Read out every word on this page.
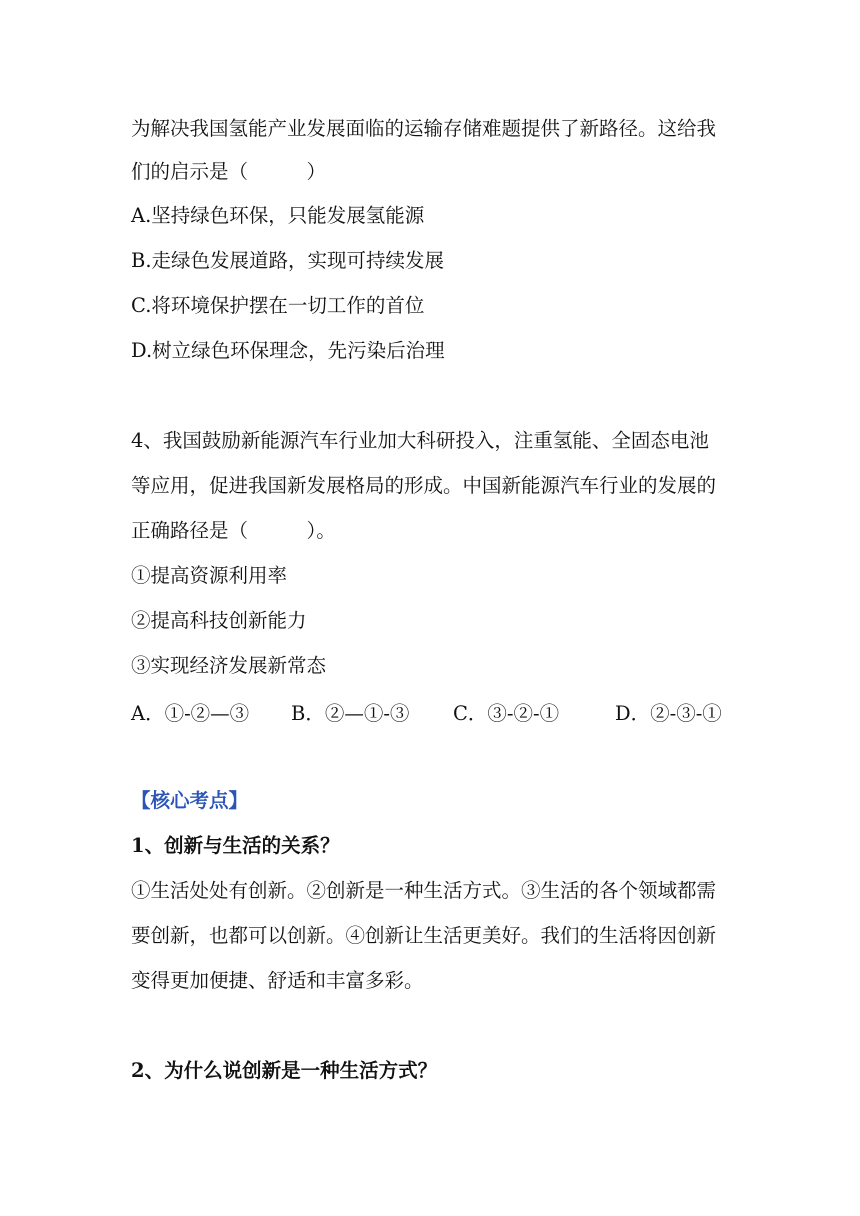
为解决我国氢能产业发展面临的运输存储难题提供了新路径。这给我
们的启示是（　　　）
A.坚持绿色环保，只能发展氢能源
B.走绿色发展道路，实现可持续发展
C.将环境保护摆在一切工作的首位
D.树立绿色环保理念，先污染后治理
4、我国鼓励新能源汽车行业加大科研投入，注重氢能、全固态电池
等应用，促进我国新发展格局的形成。中国新能源汽车行业的发展的
正确路径是（　　　）。
①提高资源利用率
②提高科技创新能力
③实现经济发展新常态
A．①-②—③ B．②—①-③ C．③-②-①	D．②-③-①
【核心考点】
1、创新与生活的关系？
①生活处处有创新。②创新是一种生活方式。③生活的各个领域都需
要创新，也都可以创新。④创新让生活更美好。我们的生活将因创新
变得更加便捷、舒适和丰富多彩。
2、为什么说创新是一种生活方式？
